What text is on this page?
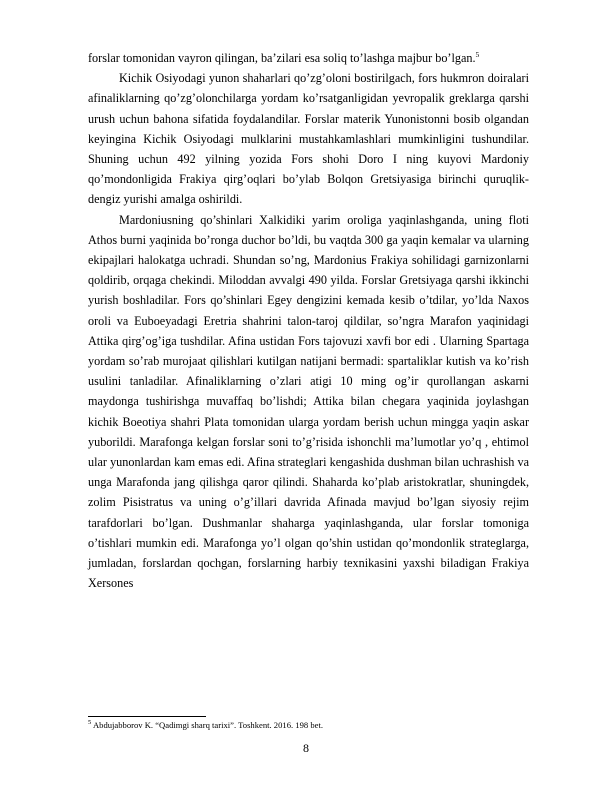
forslar tomonidan vayron qilingan, ba’zilari esa soliq to’lashga majbur bo’lgan.$^5$

Kichik Osiyodagi yunon shaharlari qo’zg’oloni bostirilgach, fors hukmron doiralari afinaliklarning qo’zg’olonchilarga yordam ko’rsatganligidan yevropalik greklarga qarshi urush uchun bahona sifatida foydalandilar. Forslar materik Yunonistonni bosib olgandan keyingina Kichik Osiyodagi mulklarini mustahkamlashlari mumkinligini tushundilar. Shuning uchun 492 yilning yozida Fors shohi Doro I ning kuyovi Mardoniy qo’mondonligida Frakiya qirg’oqlari bo’ylab Bolqon Gretsiyasiga birinchi quruqlik-dengiz yurishi amalga oshirildi.

Mardoniusning qo’shinlari Xalkidiki yarim oroliga yaqinlashganda, uning floti Athos burni yaqinida bo’ronga duchor bo’ldi, bu vaqtda 300 ga yaqin kemalar va ularning ekipajlari halokatga uchradi. Shundan so’ng, Mardonius Frakiya sohilidagi garnizonlarni qoldirib, orqaga chekindi. Miloddan avvalgi 490 yilda. Forslar Gretsiyaga qarshi ikkinchi yurish boshladilar. Fors qo’shinlari Egey dengizini kemada kesib o’tdilar, yo’lda Naxos oroli va Euboeyadagi Eretria shahrini talon-taroj qildilar, so’ngra Marafon yaqinidagi Attika qirg’og’iga tushdilar. Afina ustidan Fors tajovuzi xavfi bor edi . Ularning Spartaga yordam so’rab murojaat qilishlari kutilgan natijani bermadi: spartaliklar kutish va ko’rish usulini tanladilar. Afinaliklarning o’zlari atigi 10 ming og’ir qurollangan askarni maydonga tushirishga muvaffaq bo’lishdi; Attika bilan chegara yaqinida joylashgan kichik Boeotiya shahri Plata tomonidan ularga yordam berish uchun mingga yaqin askar yuborildi. Marafonga kelgan forslar soni to’g’risida ishonchli ma’lumotlar yo’q , ehtimol ular yunonlardan kam emas edi. Afina strateglari kengashida dushman bilan uchrashish va unga Marafonda jang qilishga qaror qilindi. Shaharda ko’plab aristokratlar, shuningdek, zolim Pisistratus va uning o’g’illari davrida Afinada mavjud bo’lgan siyosiy rejim tarafdorlari bo’lgan. Dushmanlar shaharga yaqinlashganda, ular forslar tomoniga o’tishlari mumkin edi. Marafonga yo’l olgan qo’shin ustidan qo’mondonlik strateglarga, jumladan, forslardan qochgan, forslarning harbiy texnikasini yaxshi biladigan Frakiya Xersones

$^5$ Abdujabborov K. “Qadimgi sharq tarixi”. Toshkent. 2016. 198 bet.
8
